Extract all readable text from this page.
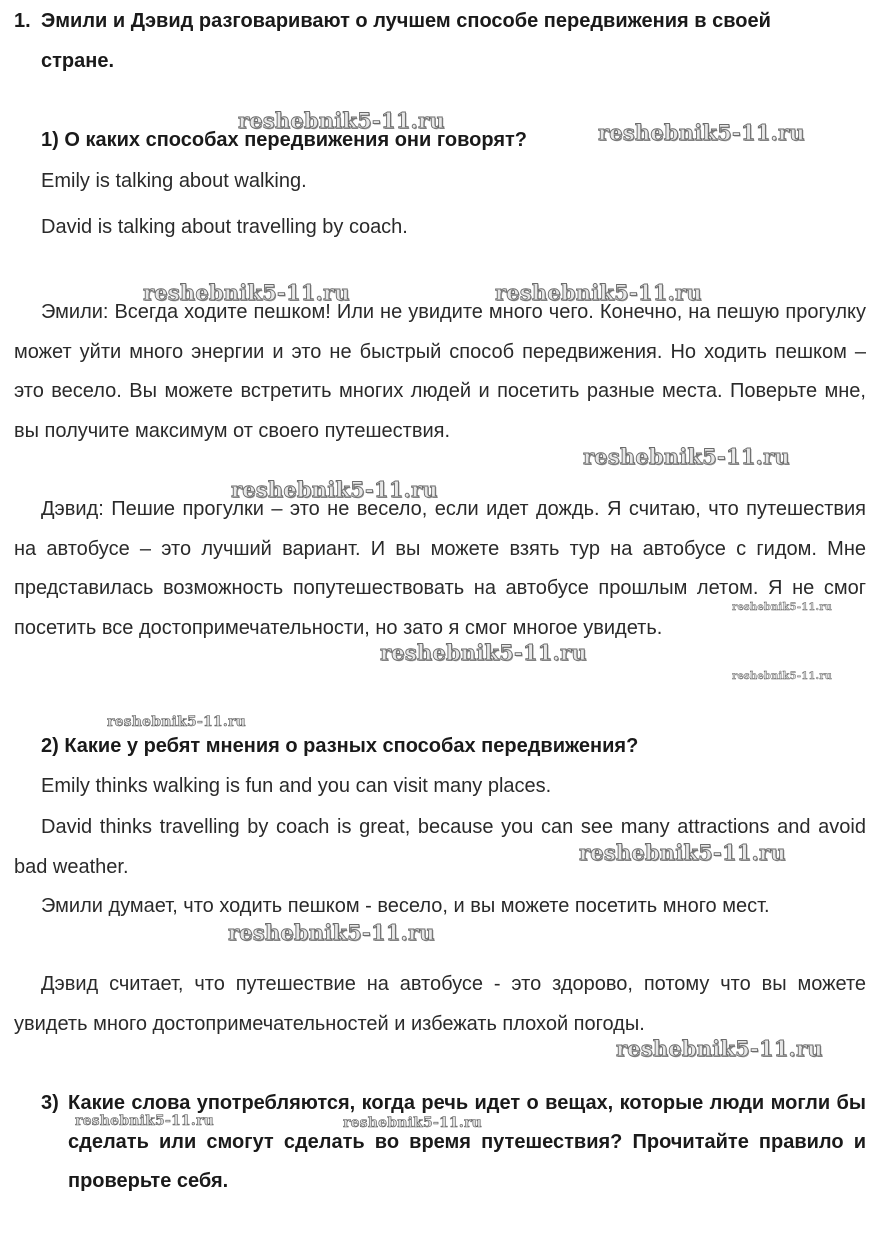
1. Эмили и Дэвид разговаривают о лучшем способе передвижения в своей
стране.
1) О каких способах передвижения они говорят?
Emily is talking about walking.
David is talking about travelling by coach.
Эмили: Всегда ходите пешком! Или не увидите много чего. Конечно, на пешую прогулку может уйти много энергии и это не быстрый способ передвижения. Но ходить пешком – это весело. Вы можете встретить многих людей и посетить разные места. Поверьте мне, вы получите максимум от своего путешествия.
Дэвид: Пешие прогулки – это не весело, если идет дождь. Я считаю, что путешествия на автобусе – это лучший вариант. И вы можете взять тур на автобусе с гидом. Мне представилась возможность попутешествовать на автобусе прошлым летом. Я не смог посетить все достопримечательности, но зато я смог многое увидеть.
2) Какие у ребят мнения о разных способах передвижения?
Emily thinks walking is fun and you can visit many places.
David thinks travelling by coach is great, because you can see many attractions and avoid bad weather.
Эмили думает, что ходить пешком - весело, и вы можете посетить много мест.
Дэвид считает, что путешествие на автобусе - это здорово, потому что вы можете увидеть много достопримечательностей и избежать плохой погоды.
3) Какие слова употребляются, когда речь идет о вещах, которые люди могли бы сделать или смогут сделать во время путешествия? Прочитайте правило и проверьте себя.
reshebnik5-11.ru	reshebnik5-11.ru
reshebnik5-11.ru	reshebnik5-11.ru
reshebnik5-11.ru
reshebnik5-11.ru
reshebnik5-11.ru
reshebnik5-11.ru
reshebnik5-11.ru
reshebnik5-11.ru
reshebnik5-11.ru
reshebnik5-11.ru
reshebnik5-11.ru
reshebnik5-11.ru	reshebnik5-11.ru
